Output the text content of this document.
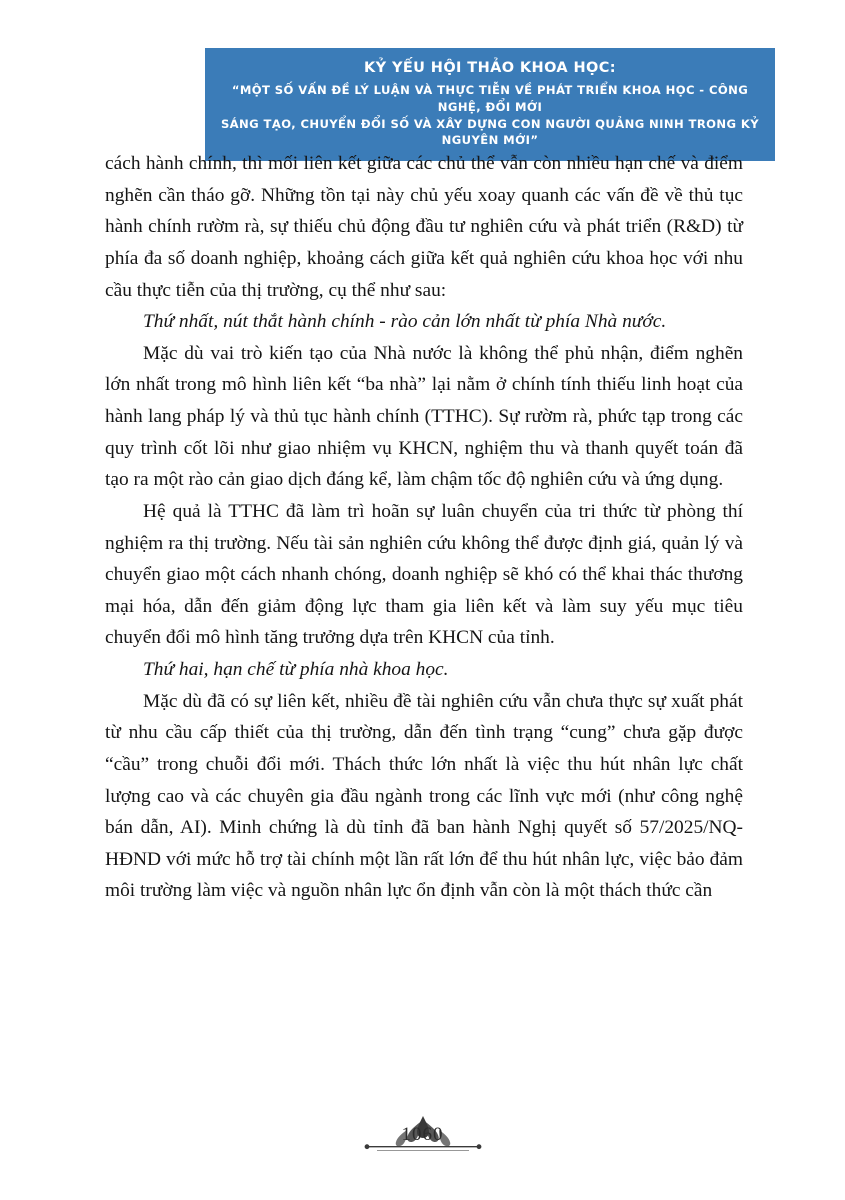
KỶ YẾU HỘI THẢO KHOA HỌC:
“MỘT SỐ VẤN ĐỀ LÝ LUẬN VÀ THỰC TIỄN VỀ PHÁT TRIỂN KHOA HỌC - CÔNG NGHỆ, ĐỔI MỚI
SÁNG TẠO, CHUYỂN ĐỔI SỐ VÀ XÂY DỰNG CON NGƯỜI QUẢNG NINH TRONG KỶ NGUYÊN MỚI”

cách hành chính, thì mối liên kết giữa các chủ thể vẫn còn nhiều hạn chế và điểm nghẽn cần tháo gỡ. Những tồn tại này chủ yếu xoay quanh các vấn đề về thủ tục hành chính rườm rà, sự thiếu chủ động đầu tư nghiên cứu và phát triển (R&D) từ phía đa số doanh nghiệp, khoảng cách giữa kết quả nghiên cứu khoa học với nhu cầu thực tiễn của thị trường, cụ thể như sau:

Thứ nhất, nút thắt hành chính - rào cản lớn nhất từ phía Nhà nước.

Mặc dù vai trò kiến tạo của Nhà nước là không thể phủ nhận, điểm nghẽn lớn nhất trong mô hình liên kết “ba nhà” lại nằm ở chính tính thiếu linh hoạt của hành lang pháp lý và thủ tục hành chính (TTHC). Sự rườm rà, phức tạp trong các quy trình cốt lõi như giao nhiệm vụ KHCN, nghiệm thu và thanh quyết toán đã tạo ra một rào cản giao dịch đáng kể, làm chậm tốc độ nghiên cứu và ứng dụng.

Hệ quả là TTHC đã làm trì hoãn sự luân chuyển của tri thức từ phòng thí nghiệm ra thị trường. Nếu tài sản nghiên cứu không thể được định giá, quản lý và chuyển giao một cách nhanh chóng, doanh nghiệp sẽ khó có thể khai thác thương mại hóa, dẫn đến giảm động lực tham gia liên kết và làm suy yếu mục tiêu chuyển đổi mô hình tăng trưởng dựa trên KHCN của tỉnh.

Thứ hai, hạn chế từ phía nhà khoa học.

Mặc dù đã có sự liên kết, nhiều đề tài nghiên cứu vẫn chưa thực sự xuất phát từ nhu cầu cấp thiết của thị trường, dẫn đến tình trạng “cung” chưa gặp được “cầu” trong chuỗi đổi mới. Thách thức lớn nhất là việc thu hút nhân lực chất lượng cao và các chuyên gia đầu ngành trong các lĩnh vực mới (như công nghệ bán dẫn, AI). Minh chứng là dù tỉnh đã ban hành Nghị quyết số 57/2025/NQ-HĐND với mức hỗ trợ tài chính một lần rất lớn để thu hút nhân lực, việc bảo đảm môi trường làm việc và nguồn nhân lực ổn định vẫn còn là một thách thức cần

1060
